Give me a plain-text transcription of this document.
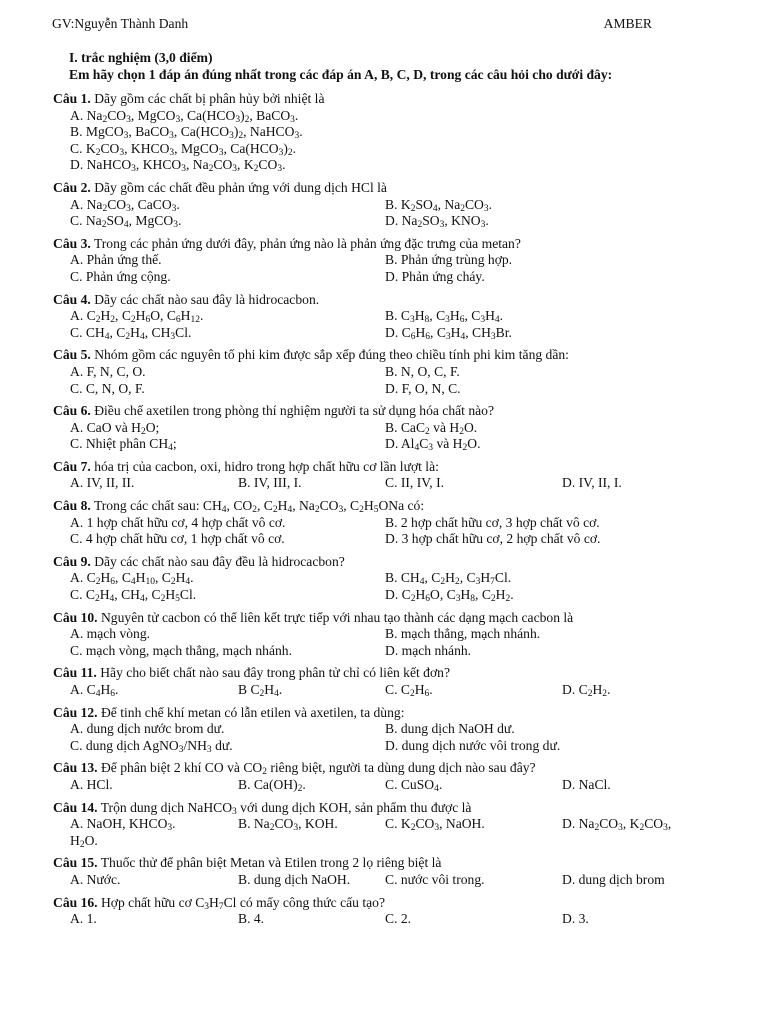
GV:Nguyễn Thành Danh	AMBER
I. trắc nghiệm (3,0 điểm)
Em hãy chọn 1 đáp án đúng nhất trong các đáp án A, B, C, D, trong các câu hỏi cho dưới đây:
Câu 1. Dãy gồm các chất bị phân hủy bởi nhiệt là
A. $Na_2CO_3$, MgCO$_3$, $Ca(HCO_3)_2$, BaCO$_3$.
B. MgCO$_3$, BaCO$_3$, $Ca(HCO_3)_2$, NaHCO$_3$.
C. $K_2CO_3$, $KHCO_3$, MgCO$_3$, $Ca(HCO_3)_2$.
D. NaHCO$_3$, $KHCO_3$, $Na_2CO_3$, $K_2CO_3$.
Câu 2. Dãy gồm các chất đều phản ứng với dung dịch HCl là
A. $Na_2CO_3$, CaCO$_3$.	B. $K_2SO_4$, $Na_2CO_3$.
C. $Na_2SO_4$, MgCO$_3$.	D. $Na_2SO_3$, $KNO_3$.
Câu 3. Trong các phản ứng dưới đây, phản ứng nào là phản ứng đặc trưng của metan?
A. Phản ứng thế.	B. Phản ứng trùng hợp.
C. Phản ứng cộng.	D. Phản ứng cháy.
Câu 4. Dãy các chất nào sau đây là hidrocacbon.
A. $C_2H_2$, $C_2H_6O$, $C_6H_{12}$.	B. $C_3H_8$, $C_3H_6$, $C_3H_4$.
C. $CH_4$, $C_2H_4$, $CH_3Cl$.	D. $C_6H_6$, $C_3H_4$, $CH_3Br$.
Câu 5. Nhóm gồm các nguyên tố phi kim được sắp xếp đúng theo chiều tính phi kim tăng dần:
A. F, N, C, O.	B. N, O, C, F.
C. C, N, O, F.	D. F, O, N, C.
Câu 6. Điều chế axetilen trong phòng thí nghiệm người ta sử dụng hóa chất nào?
A. CaO và $H_2O$;	B. CaC$_2$ và $H_2O$.
C. Nhiệt phân $CH_4$;	D. $Al_4C_3$ và $H_2O$.
Câu 7. hóa trị của cacbon, oxi, hidro trong hợp chất hữu cơ lần lượt là:
A. IV, II, II.	B. IV, III, I.	C. II, IV, I.	D. IV, II, I.
Câu 8. Trong các chất sau: $CH_4$, $CO_2$, $C_2H_4$, $Na_2CO_3$, $C_2H_5ONa$ có:
A. 1 hợp chất hữu cơ, 4 hợp chất vô cơ.	B. 2 hợp chất hữu cơ, 3 hợp chất vô cơ.
C. 4 hợp chất hữu cơ, 1 hợp chất vô cơ.	D. 3 hợp chất hữu cơ, 2 hợp chất vô cơ.
Câu 9. Dãy các chất nào sau đây đều là hidrocacbon?
A. $C_2H_6$, $C_4H_{10}$, $C_2H_4$.	B. $CH_4$, $C_2H_2$, $C_3H_7Cl$.
C. $C_2H_4$, $CH_4$, $C_2H_5Cl$.	D. $C_2H_6O$, $C_3H_8$, $C_2H_2$.
Câu 10. Nguyên tử cacbon có thể liên kết trực tiếp với nhau tạo thành các dạng mạch cacbon là
A. mạch vòng.	B. mạch thẳng, mạch nhánh.
C. mạch vòng, mạch thẳng, mạch nhánh.	D. mạch nhánh.
Câu 11. Hãy cho biết chất nào sau đây trong phân tử chỉ có liên kết đơn?
A. $C_4H_6$.	B $C_2H_4$.	C. $C_2H_6$.	D. $C_2H_2$.
Câu 12. Để tinh chế khí metan có lẫn etilen và axetilen, ta dùng:
A. dung dịch nước brom dư.	B. dung dịch NaOH dư.
C. dung dịch $AgNO_3/NH_3$ dư.	D. dung dịch nước vôi trong dư.
Câu 13. Để phân biệt 2 khí CO và $CO_2$ riêng biệt, người ta dùng dung dịch nào sau đây?
A. HCl.	B. $Ca(OH)_2$.	C. CuSO$_4$.	D. NaCl.
Câu 14. Trộn dung dịch NaHCO$_3$ với dung dịch KOH, sản phẩm thu được là
A. NaOH, $KHCO_3$.	B. $Na_2CO_3$, KOH.	C. $K_2CO_3$, NaOH.	D. $Na_2CO_3$, $K_2CO_3$,
$H_2O$.
Câu 15. Thuốc thử để phân biệt Metan và Etilen trong 2 lọ riêng biệt là
A. Nước.	B. dung dịch NaOH.	C. nước vôi trong.	D. dung dịch brom
Câu 16. Hợp chất hữu cơ $C_3H_7Cl$ có mấy công thức cấu tạo?
A. 1.	B. 4.	C. 2.	D. 3.
